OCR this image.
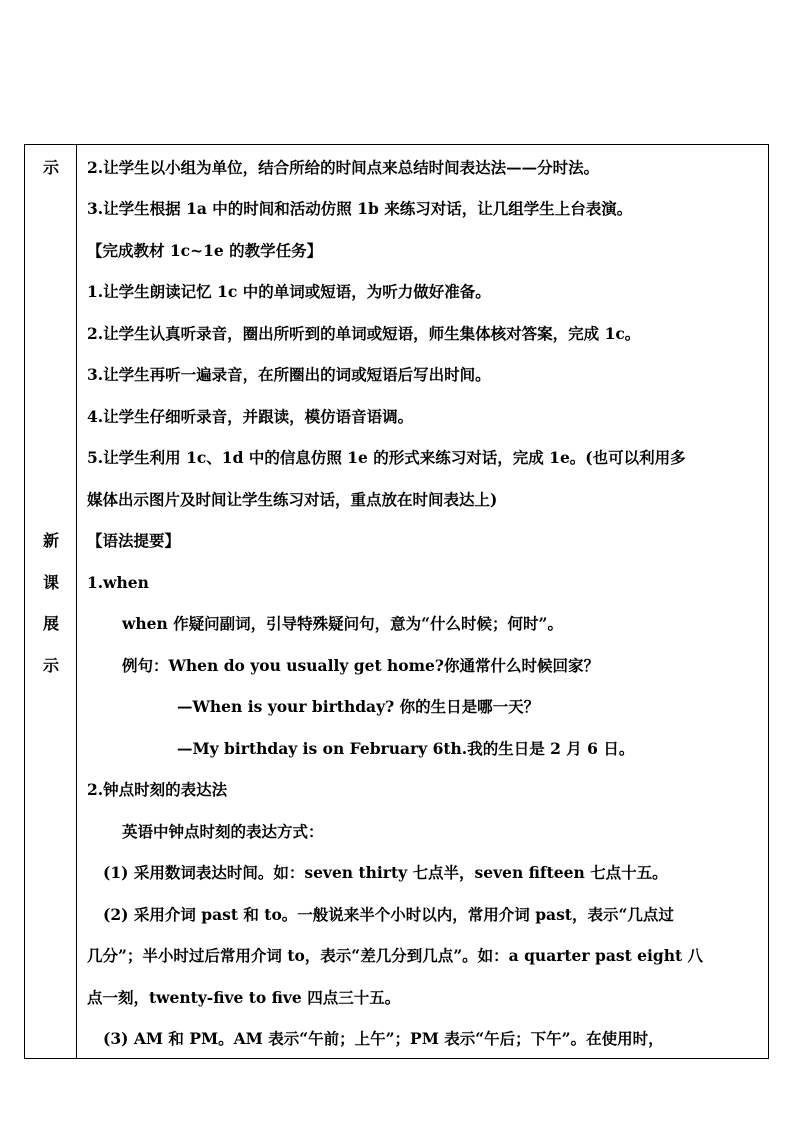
示
新
课
展
示
2.让学生以小组为单位，结合所给的时间点来总结时间表达法——分时法。
3.让学生根据 1a 中的时间和活动仿照 1b 来练习对话，让几组学生上台表演。
【完成教材 1c~1e 的教学任务】
1.让学生朗读记忆 1c 中的单词或短语，为听力做好准备。
2.让学生认真听录音，圈出所听到的单词或短语，师生集体核对答案，完成 1c。
3.让学生再听一遍录音，在所圈出的词或短语后写出时间。
4.让学生仔细听录音，并跟读，模仿语音语调。
5.让学生利用 1c、1d 中的信息仿照 1e 的形式来练习对话，完成 1e。(也可以利用多
媒体出示图片及时间让学生练习对话，重点放在时间表达上)
【语法提要】
1.when
when 作疑问副词，引导特殊疑问句，意为“什么时候；何时”。
例句：When do you usually get home?你通常什么时候回家？
—When is your birthday? 你的生日是哪一天？
—My birthday is on February 6th.我的生日是 2 月 6 日。
2.钟点时刻的表达法
英语中钟点时刻的表达方式：
(1) 采用数词表达时间。如：seven thirty 七点半，seven fifteen 七点十五。
(2) 采用介词 past 和 to。一般说来半个小时以内，常用介词 past，表示“几点过
几分”；半小时过后常用介词 to，表示“差几分到几点”。如：a quarter past eight 八
点一刻，twenty-five to five 四点三十五。
(3) AM 和 PM。AM 表示“午前；上午”；PM 表示“午后；下午”。在使用时，
